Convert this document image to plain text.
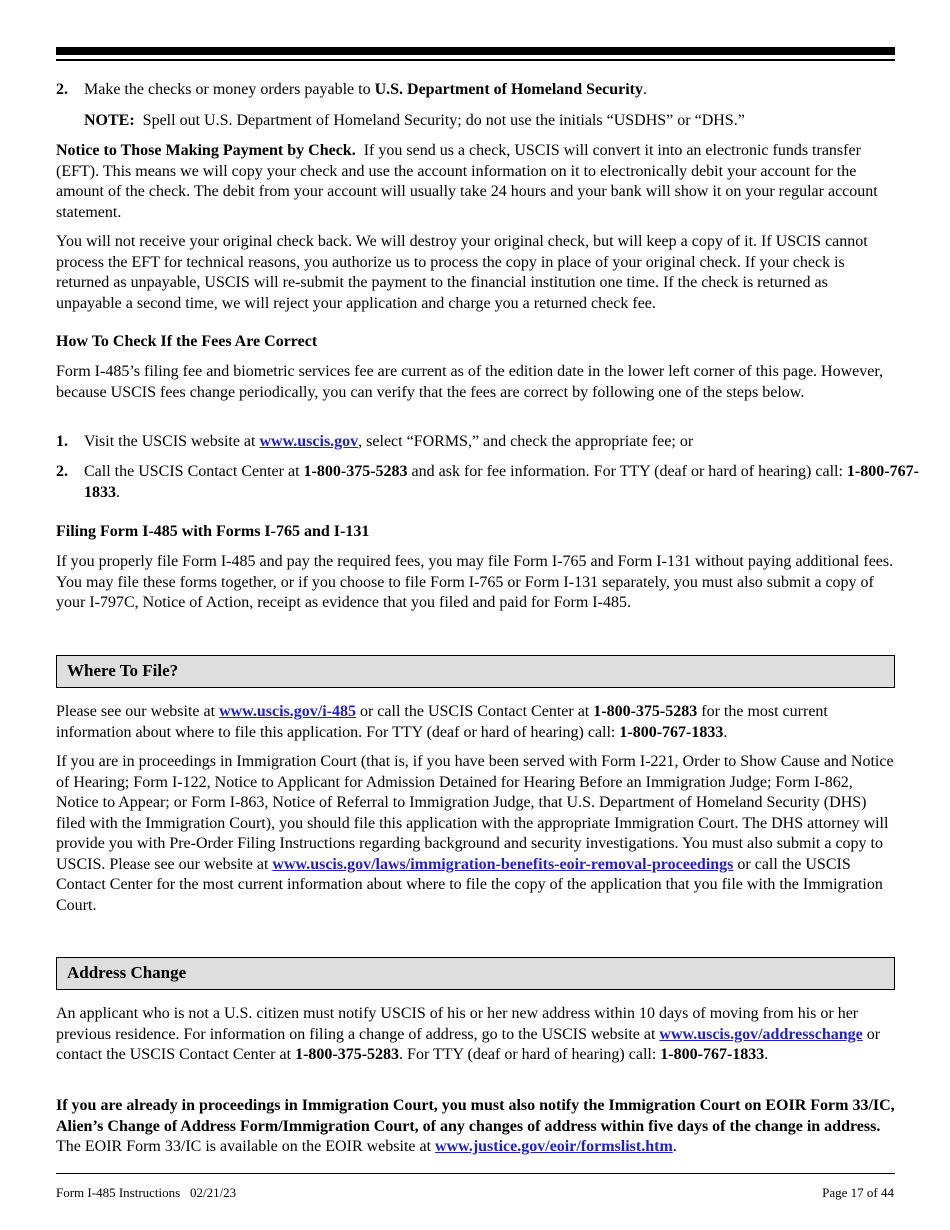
2. Make the checks or money orders payable to U.S. Department of Homeland Security.
NOTE: Spell out U.S. Department of Homeland Security; do not use the initials “USDHS” or “DHS.”
Notice to Those Making Payment by Check. If you send us a check, USCIS will convert it into an electronic funds transfer (EFT). This means we will copy your check and use the account information on it to electronically debit your account for the amount of the check. The debit from your account will usually take 24 hours and your bank will show it on your regular account statement.
You will not receive your original check back. We will destroy your original check, but will keep a copy of it. If USCIS cannot process the EFT for technical reasons, you authorize us to process the copy in place of your original check. If your check is returned as unpayable, USCIS will re-submit the payment to the financial institution one time. If the check is returned as unpayable a second time, we will reject your application and charge you a returned check fee.
How To Check If the Fees Are Correct
Form I-485’s filing fee and biometric services fee are current as of the edition date in the lower left corner of this page. However, because USCIS fees change periodically, you can verify that the fees are correct by following one of the steps below.
1. Visit the USCIS website at www.uscis.gov, select “FORMS,” and check the appropriate fee; or
2. Call the USCIS Contact Center at 1-800-375-5283 and ask for fee information. For TTY (deaf or hard of hearing) call: 1-800-767-1833.
Filing Form I-485 with Forms I-765 and I-131
If you properly file Form I-485 and pay the required fees, you may file Form I-765 and Form I-131 without paying additional fees. You may file these forms together, or if you choose to file Form I-765 or Form I-131 separately, you must also submit a copy of your I-797C, Notice of Action, receipt as evidence that you filed and paid for Form I-485.
Where To File?
Please see our website at www.uscis.gov/i-485 or call the USCIS Contact Center at 1-800-375-5283 for the most current information about where to file this application. For TTY (deaf or hard of hearing) call: 1-800-767-1833.
If you are in proceedings in Immigration Court (that is, if you have been served with Form I-221, Order to Show Cause and Notice of Hearing; Form I-122, Notice to Applicant for Admission Detained for Hearing Before an Immigration Judge; Form I-862, Notice to Appear; or Form I-863, Notice of Referral to Immigration Judge, that U.S. Department of Homeland Security (DHS) filed with the Immigration Court), you should file this application with the appropriate Immigration Court. The DHS attorney will provide you with Pre-Order Filing Instructions regarding background and security investigations. You must also submit a copy to USCIS. Please see our website at www.uscis.gov/laws/immigration-benefits-eoir-removal-proceedings or call the USCIS Contact Center for the most current information about where to file the copy of the application that you file with the Immigration Court.
Address Change
An applicant who is not a U.S. citizen must notify USCIS of his or her new address within 10 days of moving from his or her previous residence. For information on filing a change of address, go to the USCIS website at www.uscis.gov/addresschange or contact the USCIS Contact Center at 1-800-375-5283. For TTY (deaf or hard of hearing) call: 1-800-767-1833.
If you are already in proceedings in Immigration Court, you must also notify the Immigration Court on EOIR Form 33/IC, Alien’s Change of Address Form/Immigration Court, of any changes of address within five days of the change in address. The EOIR Form 33/IC is available on the EOIR website at www.justice.gov/eoir/formslist.htm.
Form I-485 Instructions   02/21/23	Page 17 of 44
